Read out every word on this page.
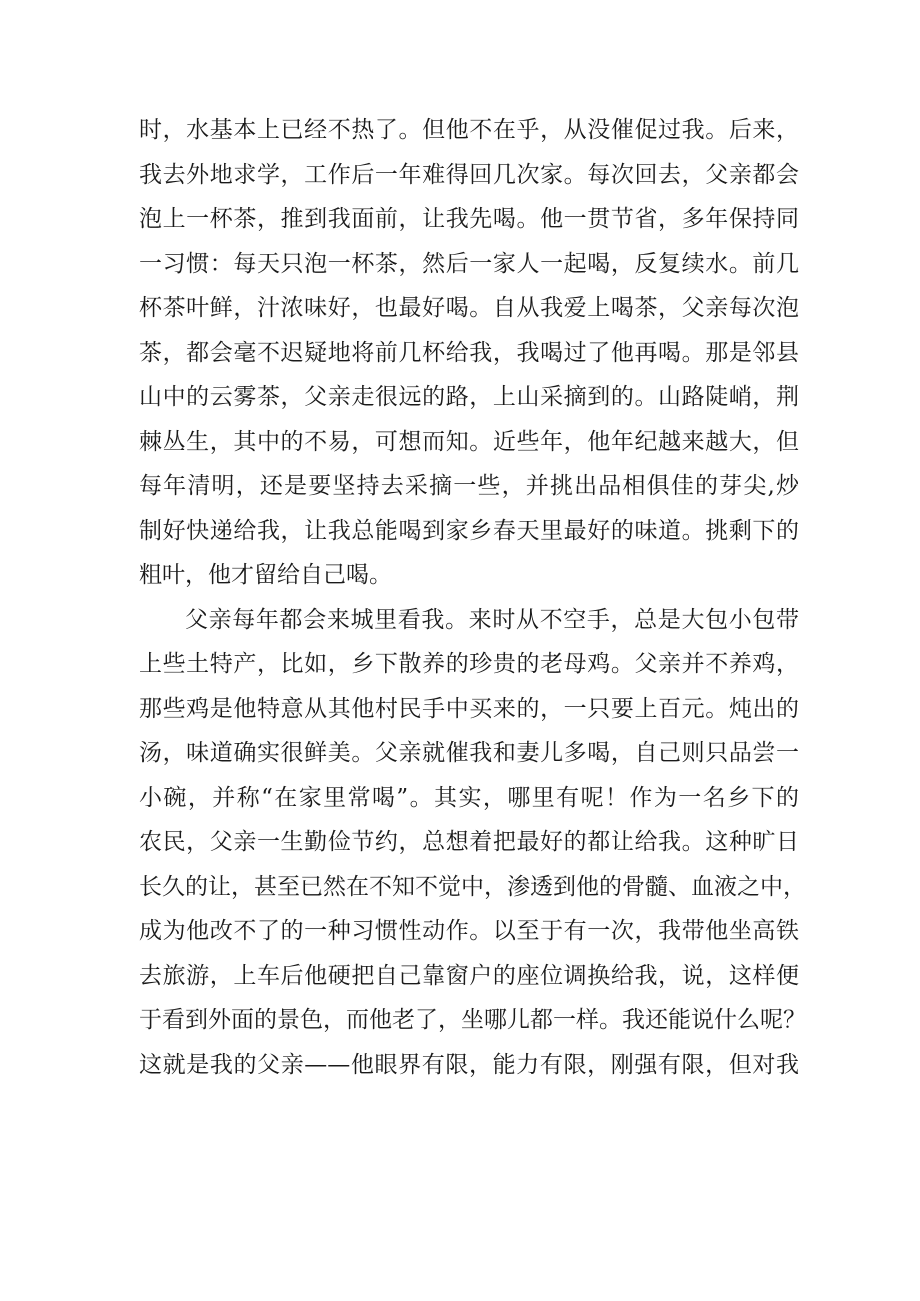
时，水基本上已经不热了。但他不在乎，从没催促过我。后来，
我去外地求学，工作后一年难得回几次家。每次回去，父亲都会
泡上一杯茶，推到我面前，让我先喝。他一贯节省，多年保持同
一习惯：每天只泡一杯茶，然后一家人一起喝，反复续水。前几
杯茶叶鲜，汁浓味好，也最好喝。自从我爱上喝茶，父亲每次泡
茶，都会毫不迟疑地将前几杯给我，我喝过了他再喝。那是邻县
山中的云雾茶，父亲走很远的路，上山采摘到的。山路陡峭，荆
棘丛生，其中的不易，可想而知。近些年，他年纪越来越大，但
每年清明，还是要坚持去采摘一些，并挑出品相俱佳的芽尖,炒
制好快递给我，让我总能喝到家乡春天里最好的味道。挑剩下的
粗叶，他才留给自己喝。
父亲每年都会来城里看我。来时从不空手，总是大包小包带
上些土特产，比如，乡下散养的珍贵的老母鸡。父亲并不养鸡，
那些鸡是他特意从其他村民手中买来的，一只要上百元。炖出的
汤，味道确实很鲜美。父亲就催我和妻儿多喝，自己则只品尝一
小碗，并称“在家里常喝”。其实，哪里有呢！作为一名乡下的
农民，父亲一生勤俭节约，总想着把最好的都让给我。这种旷日
长久的让，甚至已然在不知不觉中，渗透到他的骨髓、血液之中，
成为他改不了的一种习惯性动作。以至于有一次，我带他坐高铁
去旅游，上车后他硬把自己靠窗户的座位调换给我，说，这样便
于看到外面的景色，而他老了，坐哪儿都一样。我还能说什么呢？
这就是我的父亲——他眼界有限，能力有限，刚强有限，但对我
